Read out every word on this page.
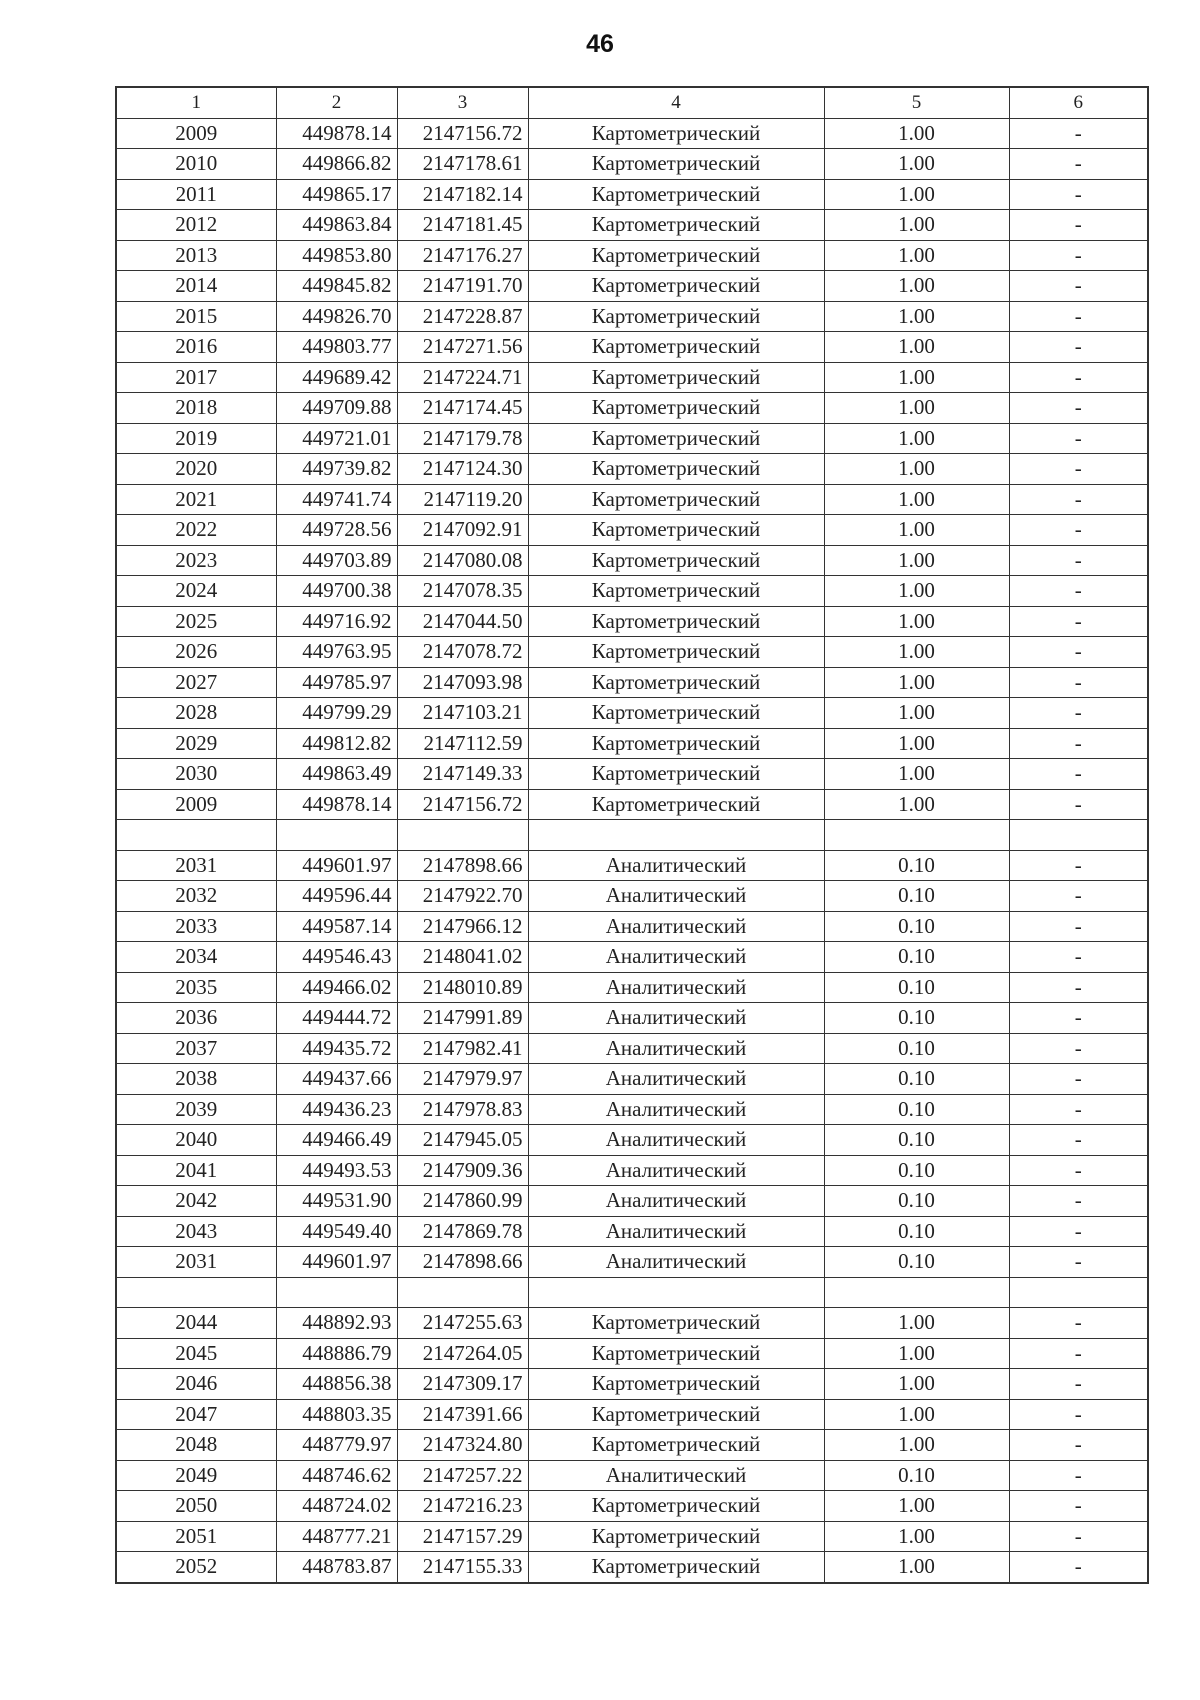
46
1	2	3	4	5	6
2009	449878.14	2147156.72	Картометрический	1.00	-
2010	449866.82	2147178.61	Картометрический	1.00	-
2011	449865.17	2147182.14	Картометрический	1.00	-
2012	449863.84	2147181.45	Картометрический	1.00	-
2013	449853.80	2147176.27	Картометрический	1.00	-
2014	449845.82	2147191.70	Картометрический	1.00	-
2015	449826.70	2147228.87	Картометрический	1.00	-
2016	449803.77	2147271.56	Картометрический	1.00	-
2017	449689.42	2147224.71	Картометрический	1.00	-
2018	449709.88	2147174.45	Картометрический	1.00	-
2019	449721.01	2147179.78	Картометрический	1.00	-
2020	449739.82	2147124.30	Картометрический	1.00	-
2021	449741.74	2147119.20	Картометрический	1.00	-
2022	449728.56	2147092.91	Картометрический	1.00	-
2023	449703.89	2147080.08	Картометрический	1.00	-
2024	449700.38	2147078.35	Картометрический	1.00	-
2025	449716.92	2147044.50	Картометрический	1.00	-
2026	449763.95	2147078.72	Картометрический	1.00	-
2027	449785.97	2147093.98	Картометрический	1.00	-
2028	449799.29	2147103.21	Картометрический	1.00	-
2029	449812.82	2147112.59	Картометрический	1.00	-
2030	449863.49	2147149.33	Картометрический	1.00	-
2009	449878.14	2147156.72	Картометрический	1.00	-

2031	449601.97	2147898.66	Аналитический	0.10	-
2032	449596.44	2147922.70	Аналитический	0.10	-
2033	449587.14	2147966.12	Аналитический	0.10	-
2034	449546.43	2148041.02	Аналитический	0.10	-
2035	449466.02	2148010.89	Аналитический	0.10	-
2036	449444.72	2147991.89	Аналитический	0.10	-
2037	449435.72	2147982.41	Аналитический	0.10	-
2038	449437.66	2147979.97	Аналитический	0.10	-
2039	449436.23	2147978.83	Аналитический	0.10	-
2040	449466.49	2147945.05	Аналитический	0.10	-
2041	449493.53	2147909.36	Аналитический	0.10	-
2042	449531.90	2147860.99	Аналитический	0.10	-
2043	449549.40	2147869.78	Аналитический	0.10	-
2031	449601.97	2147898.66	Аналитический	0.10	-

2044	448892.93	2147255.63	Картометрический	1.00	-
2045	448886.79	2147264.05	Картометрический	1.00	-
2046	448856.38	2147309.17	Картометрический	1.00	-
2047	448803.35	2147391.66	Картометрический	1.00	-
2048	448779.97	2147324.80	Картометрический	1.00	-
2049	448746.62	2147257.22	Аналитический	0.10	-
2050	448724.02	2147216.23	Картометрический	1.00	-
2051	448777.21	2147157.29	Картометрический	1.00	-
2052	448783.87	2147155.33	Картометрический	1.00	-
